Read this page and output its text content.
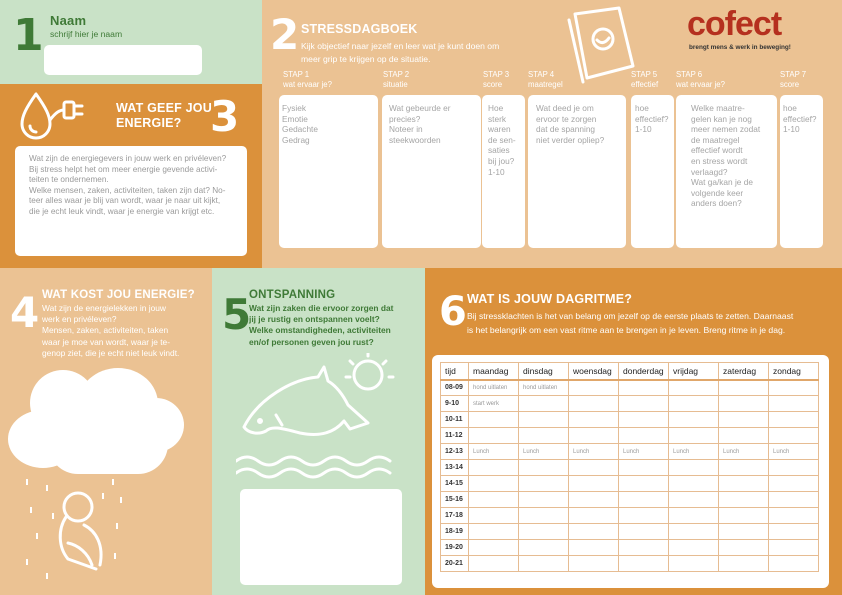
1 Naam
schrijf hier je naam	2 STRESSDAGBOEK
Kijk objectief naar jezelf en leer wat je kunt doen om
meer grip te krijgen op de situatie.
cofect
brengt mens & werk in beweging!
STAP 1
wat ervaar je?
STAP 2
situatie
STAP 3
score
STAP 4
maatregel
STAP 5
effectief
STAP 6
wat ervaar je?
STAP 7
score
Fysiek
Emotie
Gedachte
Gedrag
Wat gebeurde er
precies?
Noteer in
steekwoorden
Hoe
sterk
waren
de sen-
saties
bij jou?
1-10
Wat deed je om
ervoor te zorgen
dat de spanning
niet verder opliep?
hoe
effectief?
1-10
Welke maatre-
gelen kan je nog
meer nemen zodat
de maatregel
effectief wordt
en stress wordt
verlaagd?
Wat ga/kan je de
volgende keer
anders doen?
hoe
effectief?
1-10
WAT GEEF JOU
ENERGIE? 3
Wat zijn de energiegevers in jouw werk en privéleven?
Bij stress helpt het om meer energie gevende activi-
teiten te ondernemen.
Welke mensen, zaken, activiteiten, taken zijn dat? No-
teer alles waar je blij van wordt, waar je naar uit kijkt,
die je echt leuk vindt, waar je energie van krijgt etc.
4 WAT KOST JOU ENERGIE?
Wat zijn de energielekken in jouw
werk en privéleven?
Mensen, zaken, activiteiten, taken
waar je moe van wordt, waar je te-
genop ziet, die je echt niet leuk vindt.
5
ONTSPANNING
Wat zijn zaken die ervoor zorgen dat
jij je rustig en ontspannen voelt?
Welke omstandigheden, activiteiten
en/of personen geven jou rust?
6 WAT IS JOUW DAGRITME?
Bij stressklachten is het van belang om jezelf op de eerste plaats te zetten. Daarnaast
is het belangrijk om een vast ritme aan te brengen in je leven. Breng ritme in je dag.
tijd	maandag	dinsdag	woensdag	donderdag	vrijdag	zaterdag	zondag
08-09	hond uitlaten	hond uitlaten					
9-10	start werk						
10-11							
11-12							
12-13	Lunch	Lunch	Lunch	Lunch	Lunch	Lunch	Lunch
13-14							
14-15							
15-16							
17-18							
18-19							
19-20							
20-21							
